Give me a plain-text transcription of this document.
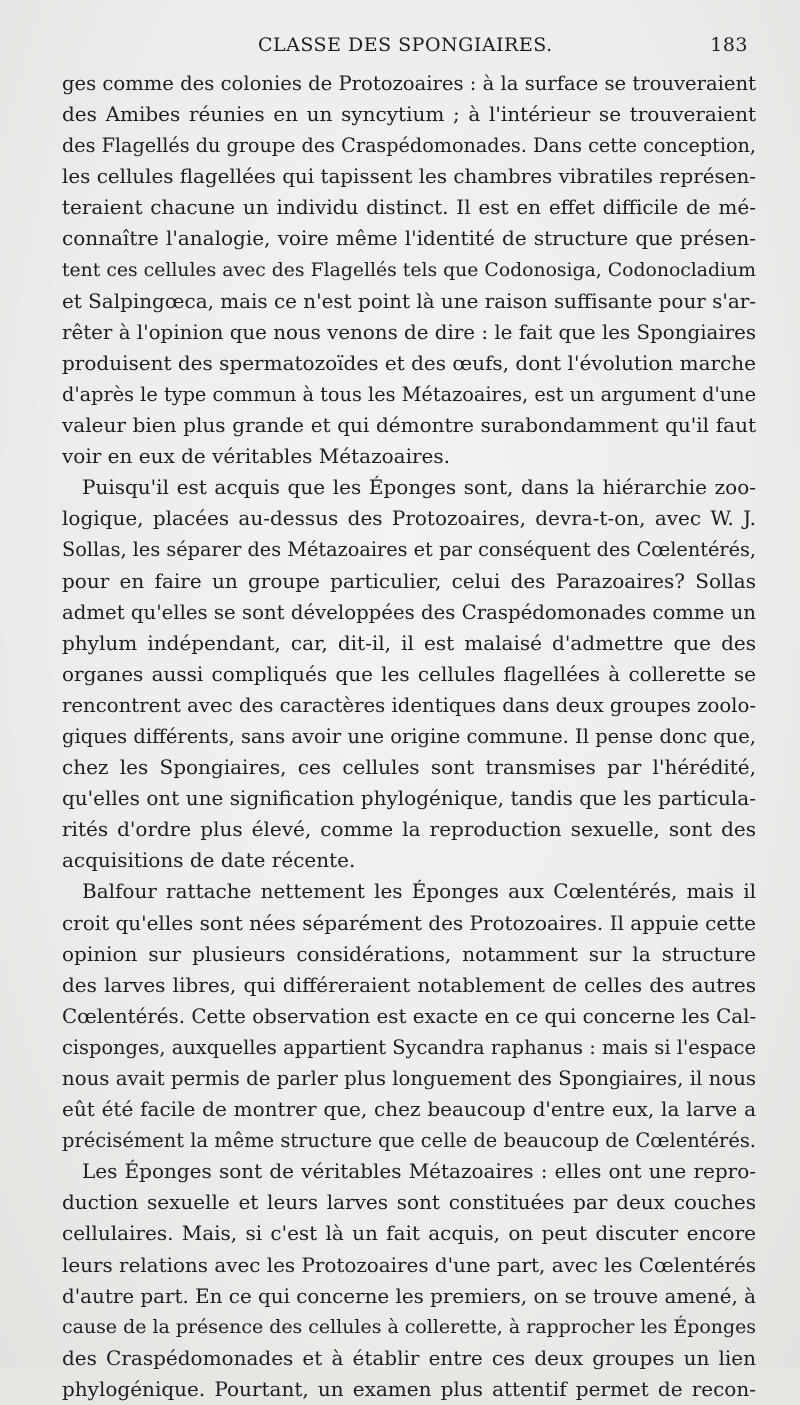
CLASSE DES SPONGIAIRES.	183
ges comme des colonies de Protozoaires : à la surface se trouveraient
des Amibes réunies en un syncytium ; à l'intérieur se trouveraient
des Flagellés du groupe des Craspédomonades. Dans cette conception,
les cellules flagellées qui tapissent les chambres vibratiles représen-
teraient chacune un individu distinct. Il est en effet difficile de mé-
connaître l'analogie, voire même l'identité de structure que présen-
tent ces cellules avec des Flagellés tels que Codonosiga, Codonocladium
et Salpingœca, mais ce n'est point là une raison suffisante pour s'ar-
rêter à l'opinion que nous venons de dire : le fait que les Spongiaires
produisent des spermatozoïdes et des œufs, dont l'évolution marche
d'après le type commun à tous les Métazoaires, est un argument d'une
valeur bien plus grande et qui démontre surabondamment qu'il faut
voir en eux de véritables Métazoaires.
Puisqu'il est acquis que les Éponges sont, dans la hiérarchie zoo-
logique, placées au-dessus des Protozoaires, devra-t-on, avec W. J.
Sollas, les séparer des Métazoaires et par conséquent des Cœlentérés,
pour en faire un groupe particulier, celui des Parazoaires? Sollas
admet qu'elles se sont développées des Craspédomonades comme un
phylum indépendant, car, dit-il, il est malaisé d'admettre que des
organes aussi compliqués que les cellules flagellées à collerette se
rencontrent avec des caractères identiques dans deux groupes zoolo-
giques différents, sans avoir une origine commune. Il pense donc que,
chez les Spongiaires, ces cellules sont transmises par l'hérédité,
qu'elles ont une signification phylogénique, tandis que les particula-
rités d'ordre plus élevé, comme la reproduction sexuelle, sont des
acquisitions de date récente.
Balfour rattache nettement les Éponges aux Cœlentérés, mais il
croit qu'elles sont nées séparément des Protozoaires. Il appuie cette
opinion sur plusieurs considérations, notamment sur la structure
des larves libres, qui différeraient notablement de celles des autres
Cœlentérés. Cette observation est exacte en ce qui concerne les Cal-
cisponges, auxquelles appartient Sycandra raphanus : mais si l'espace
nous avait permis de parler plus longuement des Spongiaires, il nous
eût été facile de montrer que, chez beaucoup d'entre eux, la larve a
précisément la même structure que celle de beaucoup de Cœlentérés.
Les Éponges sont de véritables Métazoaires : elles ont une repro-
duction sexuelle et leurs larves sont constituées par deux couches
cellulaires. Mais, si c'est là un fait acquis, on peut discuter encore
leurs relations avec les Protozoaires d'une part, avec les Cœlentérés
d'autre part. En ce qui concerne les premiers, on se trouve amené, à
cause de la présence des cellules à collerette, à rapprocher les Éponges
des Craspédomonades et à établir entre ces deux groupes un lien
phylogénique. Pourtant, un examen plus attentif permet de recon-
